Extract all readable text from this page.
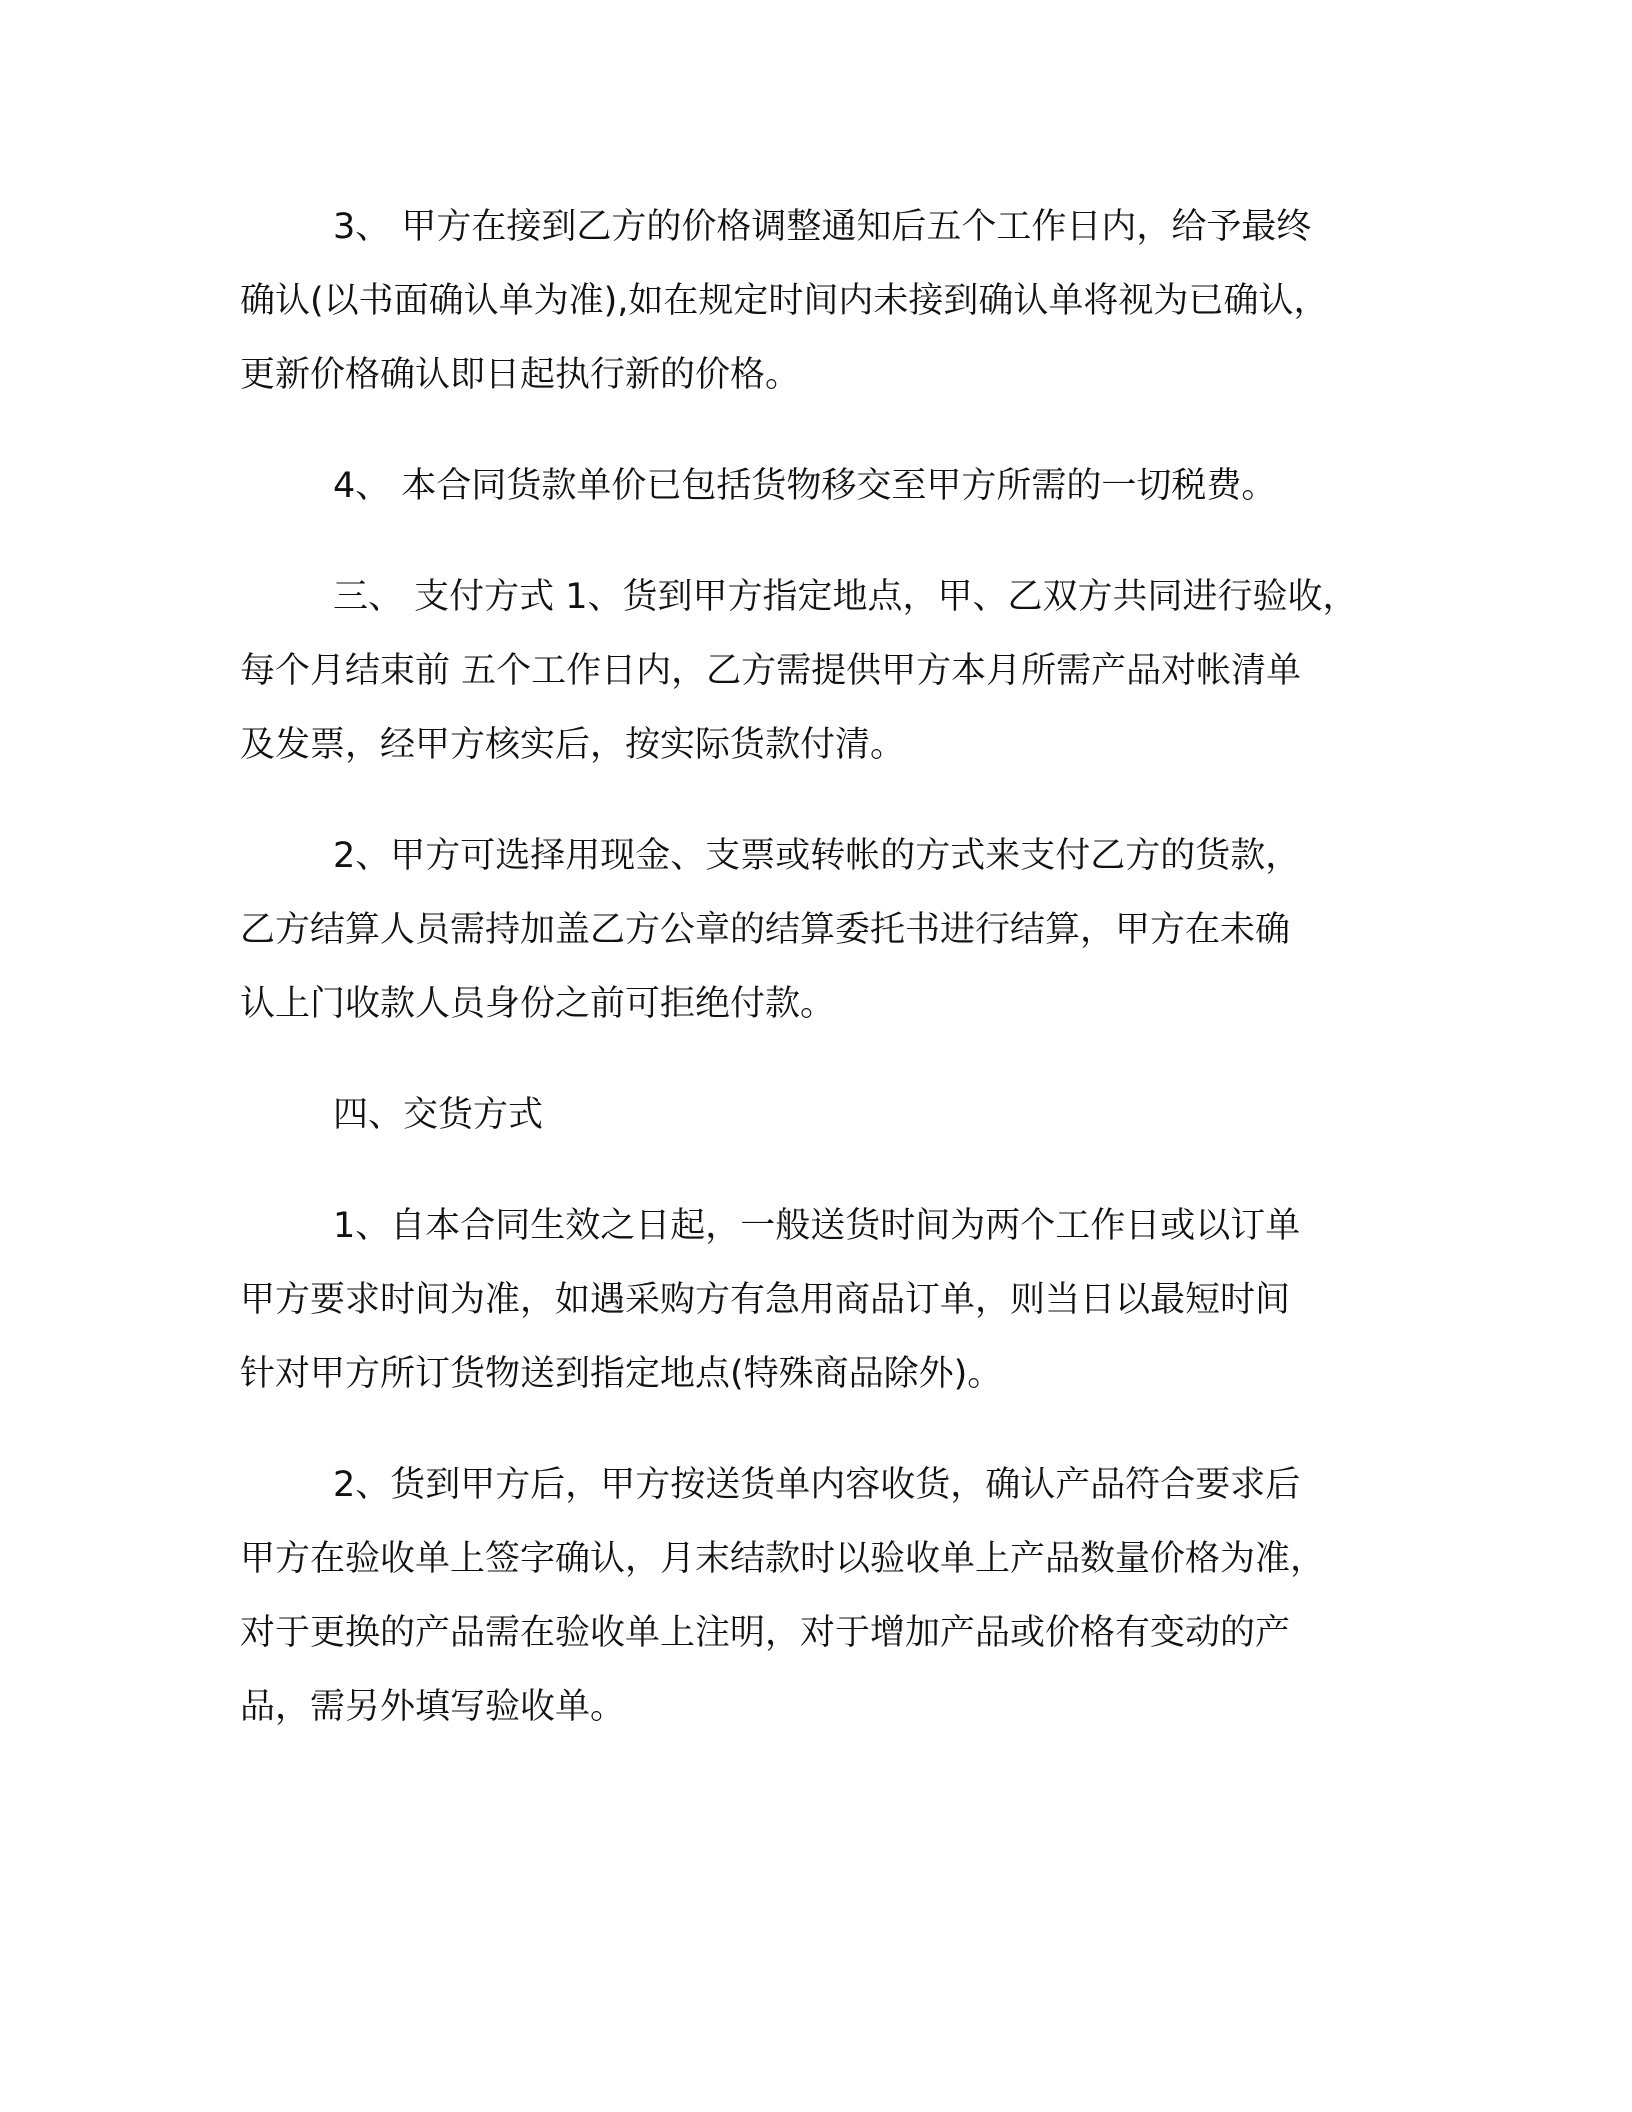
3、 甲方在接到乙方的价格调整通知后五个工作日内，给予最终
确认(以书面确认单为准),如在规定时间内未接到确认单将视为已确认，
更新价格确认即日起执行新的价格。
4、 本合同货款单价已包括货物移交至甲方所需的一切税费。
三、 支付方式 1、货到甲方指定地点，甲、乙双方共同进行验收，
每个月结束前 五个工作日内，乙方需提供甲方本月所需产品对帐清单
及发票，经甲方核实后，按实际货款付清。
2、甲方可选择用现金、支票或转帐的方式来支付乙方的货款，
乙方结算人员需持加盖乙方公章的结算委托书进行结算，甲方在未确
认上门收款人员身份之前可拒绝付款。
四、交货方式
1、自本合同生效之日起，一般送货时间为两个工作日或以订单
甲方要求时间为准，如遇采购方有急用商品订单，则当日以最短时间
针对甲方所订货物送到指定地点(特殊商品除外)。
2、货到甲方后，甲方按送货单内容收货，确认产品符合要求后
甲方在验收单上签字确认，月末结款时以验收单上产品数量价格为准，
对于更换的产品需在验收单上注明，对于增加产品或价格有变动的产
品，需另外填写验收单。
